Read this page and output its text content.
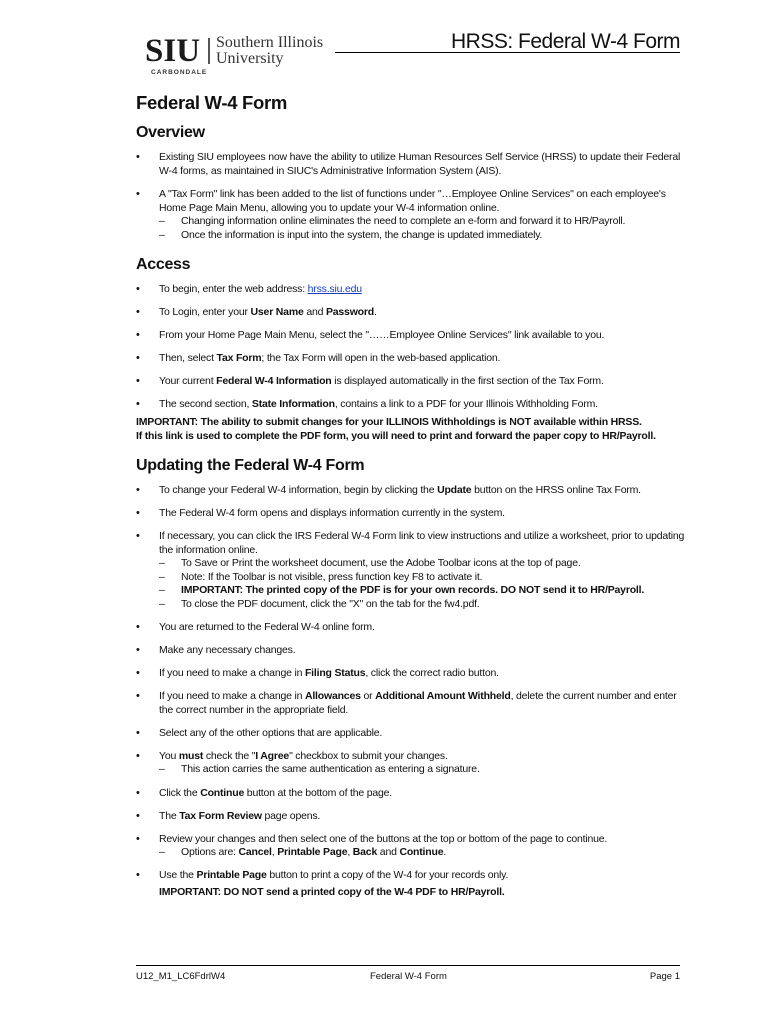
SIU Southern Illinois
University
CARBONDALE
HRSS: Federal W-4 Form
Federal W-4 Form
Overview
• Existing SIU employees now have the ability to utilize Human Resources Self Service (HRSS) to update their Federal W-4 forms, as maintained in SIUC's Administrative Information System (AIS).
• A "Tax Form" link has been added to the list of functions under "…Employee Online Services" on each employee's Home Page Main Menu, allowing you to update your W-4 information online.
– Changing information online eliminates the need to complete an e-form and forward it to HR/Payroll.
– Once the information is input into the system, the change is updated immediately.
Access
• To begin, enter the web address: hrss.siu.edu
• To Login, enter your User Name and Password.
• From your Home Page Main Menu, select the "……Employee Online Services" link available to you.
• Then, select Tax Form; the Tax Form will open in the web-based application.
• Your current Federal W-4 Information is displayed automatically in the first section of the Tax Form.
• The second section, State Information, contains a link to a PDF for your Illinois Withholding Form.
IMPORTANT: The ability to submit changes for your ILLINOIS Withholdings is NOT available within HRSS.
If this link is used to complete the PDF form, you will need to print and forward the paper copy to HR/Payroll.
Updating the Federal W-4 Form
• To change your Federal W-4 information, begin by clicking the Update button on the HRSS online Tax Form.
• The Federal W-4 form opens and displays information currently in the system.
• If necessary, you can click the IRS Federal W-4 Form link to view instructions and utilize a worksheet, prior to updating the information online.
– To Save or Print the worksheet document, use the Adobe Toolbar icons at the top of page.
– Note: If the Toolbar is not visible, press function key F8 to activate it.
– IMPORTANT: The printed copy of the PDF is for your own records. DO NOT send it to HR/Payroll.
– To close the PDF document, click the "X" on the tab for the fw4.pdf.
• You are returned to the Federal W-4 online form.
• Make any necessary changes.
• If you need to make a change in Filing Status, click the correct radio button.
• If you need to make a change in Allowances or Additional Amount Withheld, delete the current number and enter the correct number in the appropriate field.
• Select any of the other options that are applicable.
• You must check the "I Agree" checkbox to submit your changes.
– This action carries the same authentication as entering a signature.
• Click the Continue button at the bottom of the page.
• The Tax Form Review page opens.
• Review your changes and then select one of the buttons at the top or bottom of the page to continue.
– Options are: Cancel, Printable Page, Back and Continue.
• Use the Printable Page button to print a copy of the W-4 for your records only.
IMPORTANT: DO NOT send a printed copy of the W-4 PDF to HR/Payroll.
U12_M1_LC6FdrlW4	Federal W-4 Form	Page 1
